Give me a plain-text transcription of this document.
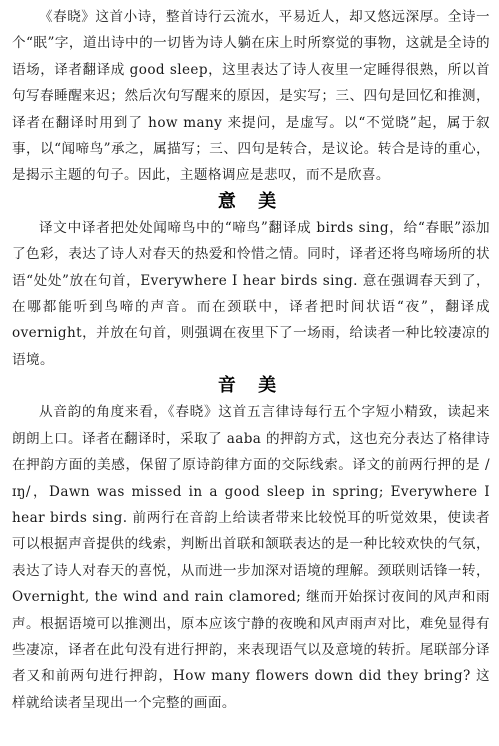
《春晓》这首小诗，整首诗行云流水，平易近人，却又悠远深厚。全诗一个“眠”字，道出诗中的一切皆为诗人躺在床上时所察觉的事物，这就是全诗的语场，译者翻译成 good sleep，这里表达了诗人夜里一定睡得很熟，所以首句写春睡醒来迟；然后次句写醒来的原因，是实写；三、四句是回忆和推测，译者在翻译时用到了 how many 来提问，是虚写。以“不觉晓”起，属于叙事，以“闻啼鸟”承之，属描写；三、四句是转合，是议论。转合是诗的重心，是揭示主题的句子。因此，主题格调应是悲叹，而不是欣喜。

意 美

译文中译者把处处闻啼鸟中的“啼鸟”翻译成 birds sing，给“春眠”添加了色彩，表达了诗人对春天的热爱和怜惜之情。同时，译者还将鸟啼场所的状语“处处”放在句首，Everywhere I hear birds sing. 意在强调春天到了，在哪都能听到鸟啼的声音。而在颈联中，译者把时间状语“夜”，翻译成 overnight，并放在句首，则强调在夜里下了一场雨，给读者一种比较凄凉的语境。

音 美

从音韵的角度来看，《春晓》这首五言律诗每行五个字短小精致，读起来朗朗上口。译者在翻译时，采取了 aaba 的押韵方式，这也充分表达了格律诗在押韵方面的美感，保留了原诗韵律方面的交际线索。译文的前两行押的是 /ɪŋ/，Dawn was missed in a good sleep in spring; Everywhere I hear birds sing. 前两行在音韵上给读者带来比较悦耳的听觉效果，使读者可以根据声音提供的线索，判断出首联和颔联表达的是一种比较欢快的气氛，表达了诗人对春天的喜悦，从而进一步加深对语境的理解。颈联则话锋一转，Overnight, the wind and rain clamored; 继而开始探讨夜间的风声和雨声。根据语境可以推测出，原本应该宁静的夜晚和风声雨声对比，难免显得有些凄凉，译者在此句没有进行押韵，来表现语气以及意境的转折。尾联部分译者又和前两句进行押韵，How many flowers down did they bring? 这样就给读者呈现出一个完整的画面。
